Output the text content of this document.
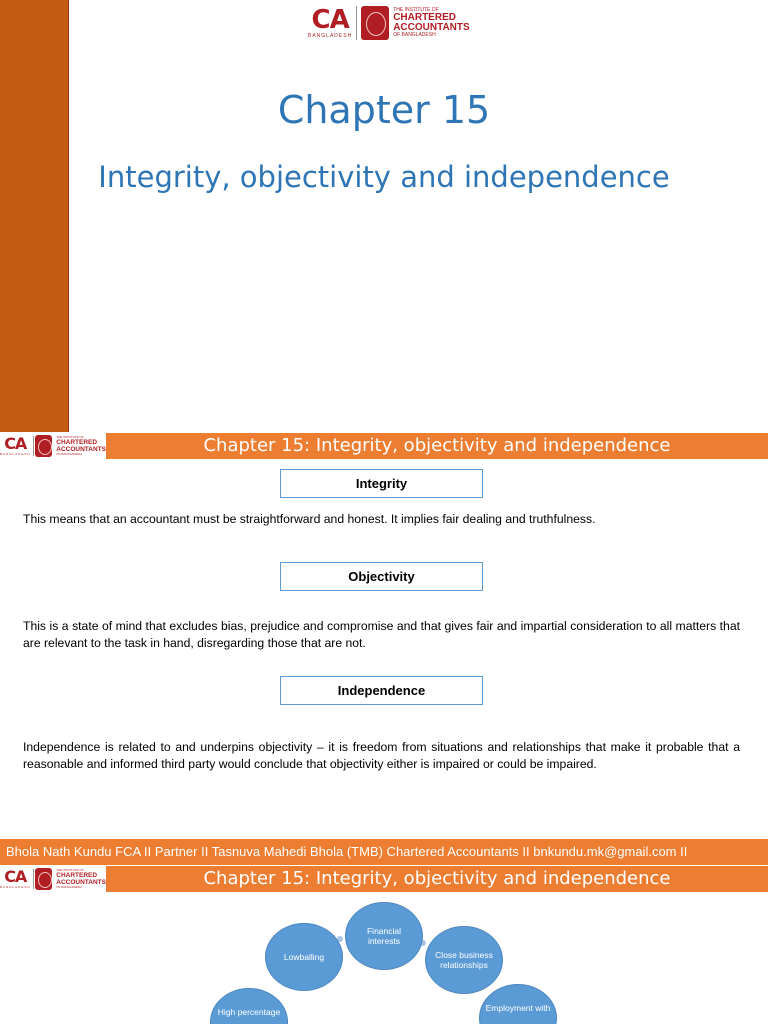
CA
BANGLADESH
THE INSTITUTE OF
CHARTERED
ACCOUNTANTS
OF BANGLADESH
Chapter 15
Integrity, objectivity and independence
CA
BANGLADESH
THE INSTITUTE OF
CHARTERED
ACCOUNTANTS
OF BANGLADESH	Chapter 15: Integrity, objectivity and independence
Integrity
This means that an accountant must be straightforward and honest. It implies fair dealing and truthfulness.
Objectivity
This is a state of mind that excludes bias, prejudice and compromise and that gives fair and impartial consideration to all matters that are relevant to the task in hand, disregarding those that are not.
Independence
Independence is related to and underpins objectivity – it is freedom from situations and relationships that make it probable that a reasonable and informed third party would conclude that objectivity either is impaired or could be impaired.
Bhola Nath Kundu FCA II Partner II Tasnuva Mahedi Bhola (TMB) Chartered Accountants II bnkundu.mk@gmail.com II
CA
BANGLADESH
THE INSTITUTE OF
CHARTERED
ACCOUNTANTS
OF BANGLADESH	Chapter 15: Integrity, objectivity and independence
Financial interests
Lowballing	Close business relationships
High percentage	Employment with
